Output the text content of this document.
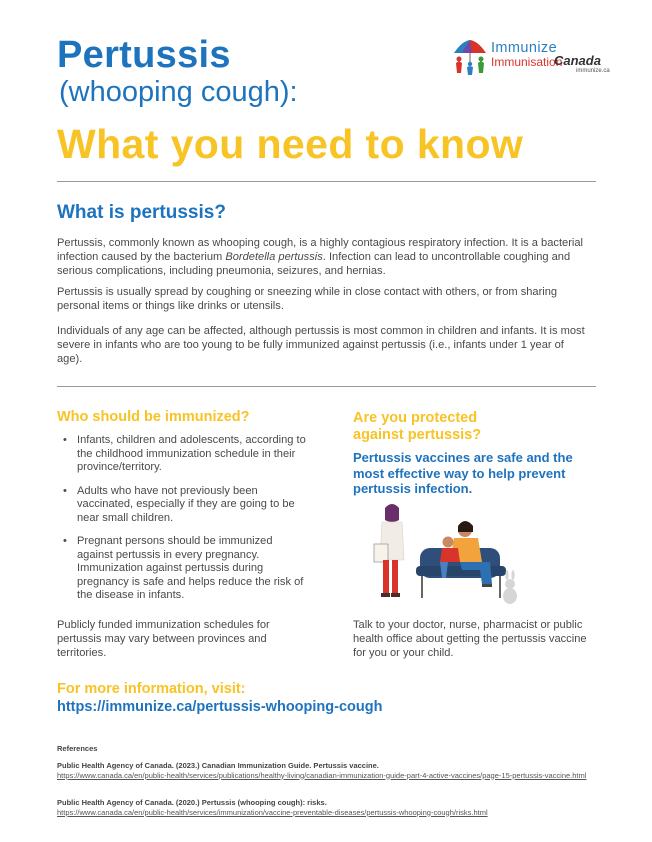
Pertussis
(whooping cough):
What you need to know
Immunize
Immunisation
Canada
immunize.ca
What is pertussis?

Pertussis, commonly known as whooping cough, is a highly contagious respiratory infection. It is a bacterial infection caused by the bacterium Bordetella pertussis. Infection can lead to uncontrollable coughing and serious complications, including pneumonia, seizures, and hernias.

Pertussis is usually spread by coughing or sneezing while in close contact with others, or from sharing personal items or things like drinks or utensils.

Individuals of any age can be affected, although pertussis is most common in children and infants. It is most severe in infants who are too young to be fully immunized against pertussis (i.e., infants under 1 year of age).

Who should be immunized?
• Infants, children and adolescents, according to the childhood immunization schedule in their province/territory.
• Adults who have not previously been vaccinated, especially if they are going to be near small children.
• Pregnant persons should be immunized against pertussis in every pregnancy. Immunization against pertussis during pregnancy is safe and helps reduce the risk of the disease in infants.

Publicly funded immunization schedules for pertussis may vary between provinces and territories.

Are you protected
against pertussis?

Pertussis vaccines are safe and the most effective way to help prevent pertussis infection.

Talk to your doctor, nurse, pharmacist or public health office about getting the pertussis vaccine for you or your child.

For more information, visit:

https://immunize.ca/pertussis-whooping-cough

References

Public Health Agency of Canada. (2023.) Canadian Immunization Guide. Pertussis vaccine.
https://www.canada.ca/en/public-health/services/publications/healthy-living/canadian-immunization-guide-part-4-active-vaccines/page-15-pertussis-vaccine.html

Public Health Agency of Canada. (2020.) Pertussis (whooping cough): risks.
https://www.canada.ca/en/public-health/services/immunization/vaccine-preventable-diseases/pertussis-whooping-cough/risks.html
